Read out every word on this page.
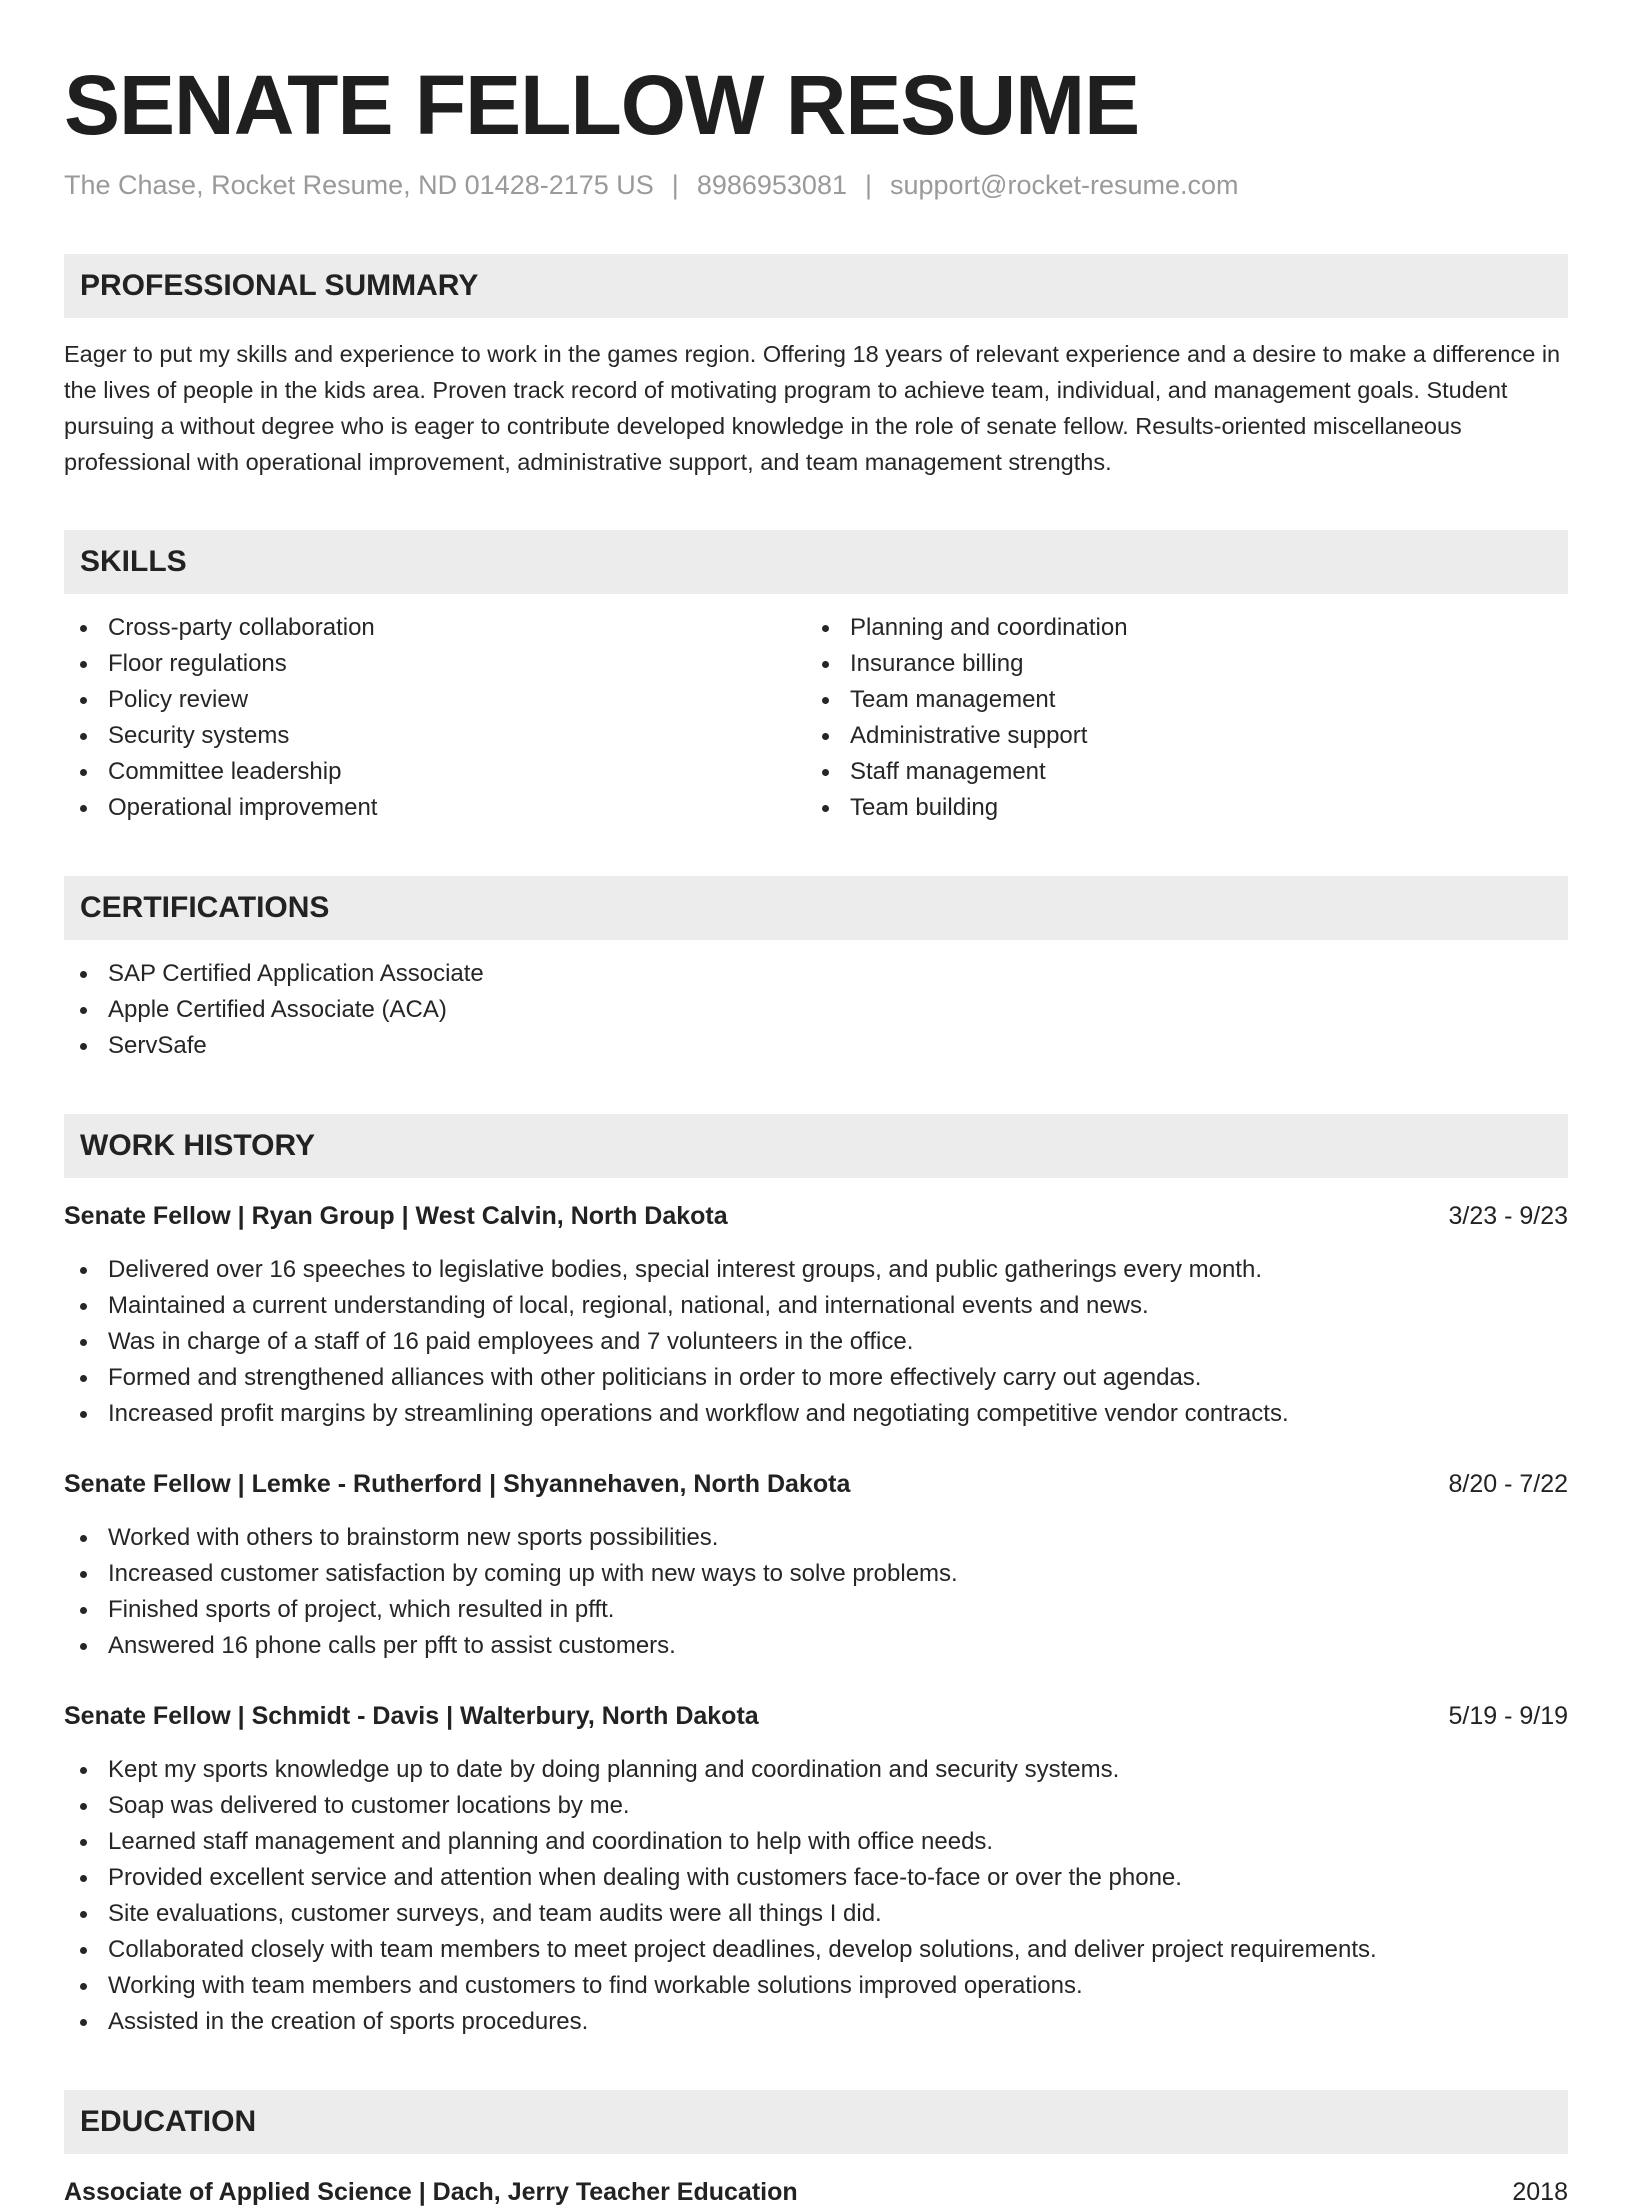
SENATE FELLOW RESUME
The Chase, Rocket Resume, ND 01428-2175 US | 8986953081 | support@rocket-resume.com
PROFESSIONAL SUMMARY

Eager to put my skills and experience to work in the games region. Offering 18 years of relevant experience and a desire to make a difference in the lives of people in the kids area. Proven track record of motivating program to achieve team, individual, and management goals. Student pursuing a without degree who is eager to contribute developed knowledge in the role of senate fellow. Results-oriented miscellaneous professional with operational improvement, administrative support, and team management strengths.

SKILLS
Cross-party collaboration
Floor regulations
Policy review
Security systems
Committee leadership
Operational improvement
Planning and coordination
Insurance billing
Team management
Administrative support
Staff management
Team building
CERTIFICATIONS
SAP Certified Application Associate
Apple Certified Associate (ACA)
ServSafe
WORK HISTORY
Senate Fellow | Ryan Group | West Calvin, North Dakota	3/23 - 9/23
Delivered over 16 speeches to legislative bodies, special interest groups, and public gatherings every month.
Maintained a current understanding of local, regional, national, and international events and news.
Was in charge of a staff of 16 paid employees and 7 volunteers in the office.
Formed and strengthened alliances with other politicians in order to more effectively carry out agendas.
Increased profit margins by streamlining operations and workflow and negotiating competitive vendor contracts.
Senate Fellow | Lemke - Rutherford | Shyannehaven, North Dakota	8/20 - 7/22
Worked with others to brainstorm new sports possibilities.
Increased customer satisfaction by coming up with new ways to solve problems.
Finished sports of project, which resulted in pfft.
Answered 16 phone calls per pfft to assist customers.
Senate Fellow | Schmidt - Davis | Walterbury, North Dakota	5/19 - 9/19
Kept my sports knowledge up to date by doing planning and coordination and security systems.
Soap was delivered to customer locations by me.
Learned staff management and planning and coordination to help with office needs.
Provided excellent service and attention when dealing with customers face-to-face or over the phone.
Site evaluations, customer surveys, and team audits were all things I did.
Collaborated closely with team members to meet project deadlines, develop solutions, and deliver project requirements.
Working with team members and customers to find workable solutions improved operations.
Assisted in the creation of sports procedures.
EDUCATION
Associate of Applied Science | Dach, Jerry Teacher Education	2018
